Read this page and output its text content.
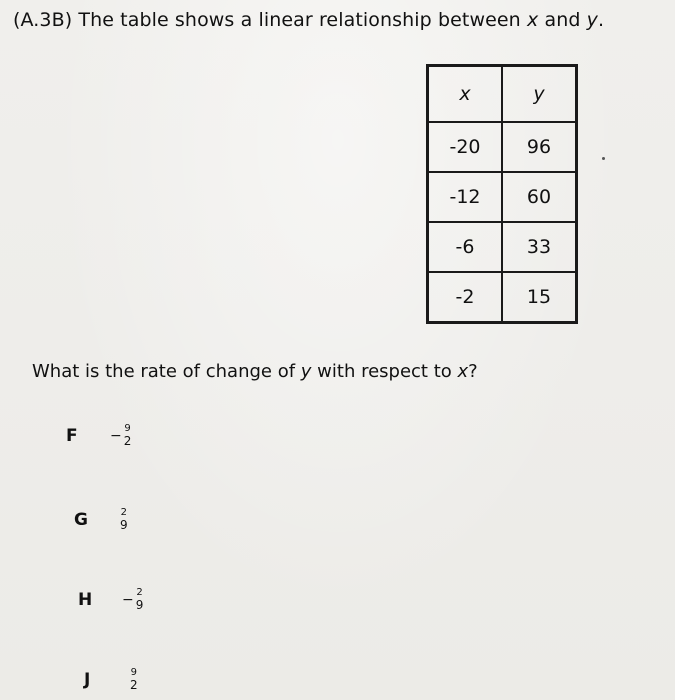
(A.3B) The table shows a linear relationship between x and y.
x	y
-20	96
-12	60
-6	33
-2	15
What is the rate of change of y with respect to x?
F	− 9
2
G	2
9
H	− 2
9
J	9
2
